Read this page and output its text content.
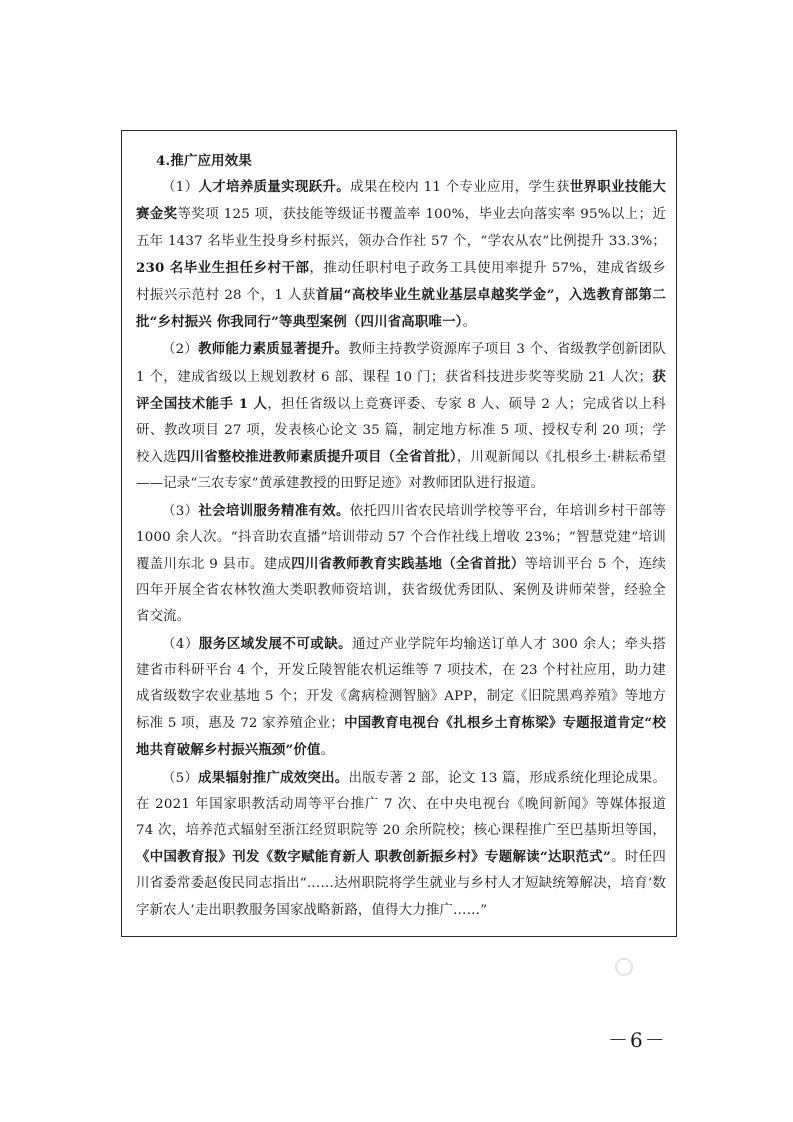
4.推广应用效果

（1）人才培养质量实现跃升。成果在校内 11 个专业应用，学生获世界职业技能大赛金奖等奖项 125 项，获技能等级证书覆盖率 100%，毕业去向落实率 95%以上；近五年 1437 名毕业生投身乡村振兴，领办合作社 57 个，“学农从农”比例提升 33.3%；230 名毕业生担任乡村干部，推动任职村电子政务工具使用率提升 57%，建成省级乡村振兴示范村 28 个，1 人获首届“高校毕业生就业基层卓越奖学金”，入选教育部第二批“乡村振兴 你我同行”等典型案例（四川省高职唯一）。

（2）教师能力素质显著提升。教师主持教学资源库子项目 3 个、省级教学创新团队 1 个，建成省级以上规划教材 6 部、课程 10 门；获省科技进步奖等奖励 21 人次；获评全国技术能手 1 人，担任省级以上竞赛评委、专家 8 人、硕导 2 人；完成省以上科研、教改项目 27 项，发表核心论文 35 篇，制定地方标准 5 项、授权专利 20 项；学校入选四川省整校推进教师素质提升项目（全省首批），川观新闻以《扎根乡土·耕耘希望——记录“三农专家”黄承建教授的田野足迹》对教师团队进行报道。

（3）社会培训服务精准有效。依托四川省农民培训学校等平台，年培训乡村干部等 1000 余人次。“抖音助农直播”培训带动 57 个合作社线上增收 23%；“智慧党建”培训覆盖川东北 9 县市。建成四川省教师教育实践基地（全省首批）等培训平台 5 个，连续四年开展全省农林牧渔大类职教师资培训，获省级优秀团队、案例及讲师荣誉，经验全省交流。

（4）服务区域发展不可或缺。通过产业学院年均输送订单人才 300 余人；牵头搭建省市科研平台 4 个，开发丘陵智能农机运维等 7 项技术，在 23 个村社应用，助力建成省级数字农业基地 5 个；开发《禽病检测智脑》APP，制定《旧院黑鸡养殖》等地方标准 5 项，惠及 72 家养殖企业；中国教育电视台《扎根乡土育栋梁》专题报道肯定“校地共育破解乡村振兴瓶颈”价值。

（5）成果辐射推广成效突出。出版专著 2 部，论文 13 篇，形成系统化理论成果。在 2021 年国家职教活动周等平台推广 7 次、在中央电视台《晚间新闻》等媒体报道 74 次，培养范式辐射至浙江经贸职院等 20 余所院校；核心课程推广至巴基斯坦等国，《中国教育报》刊发《数字赋能育新人 职教创新振乡村》专题解读“达职范式”。时任四川省委常委赵俊民同志指出“……达州职院将学生就业与乡村人才短缺统筹解决，培育‘数字新农人’走出职教服务国家战略新路，值得大力推广……”

－6－
